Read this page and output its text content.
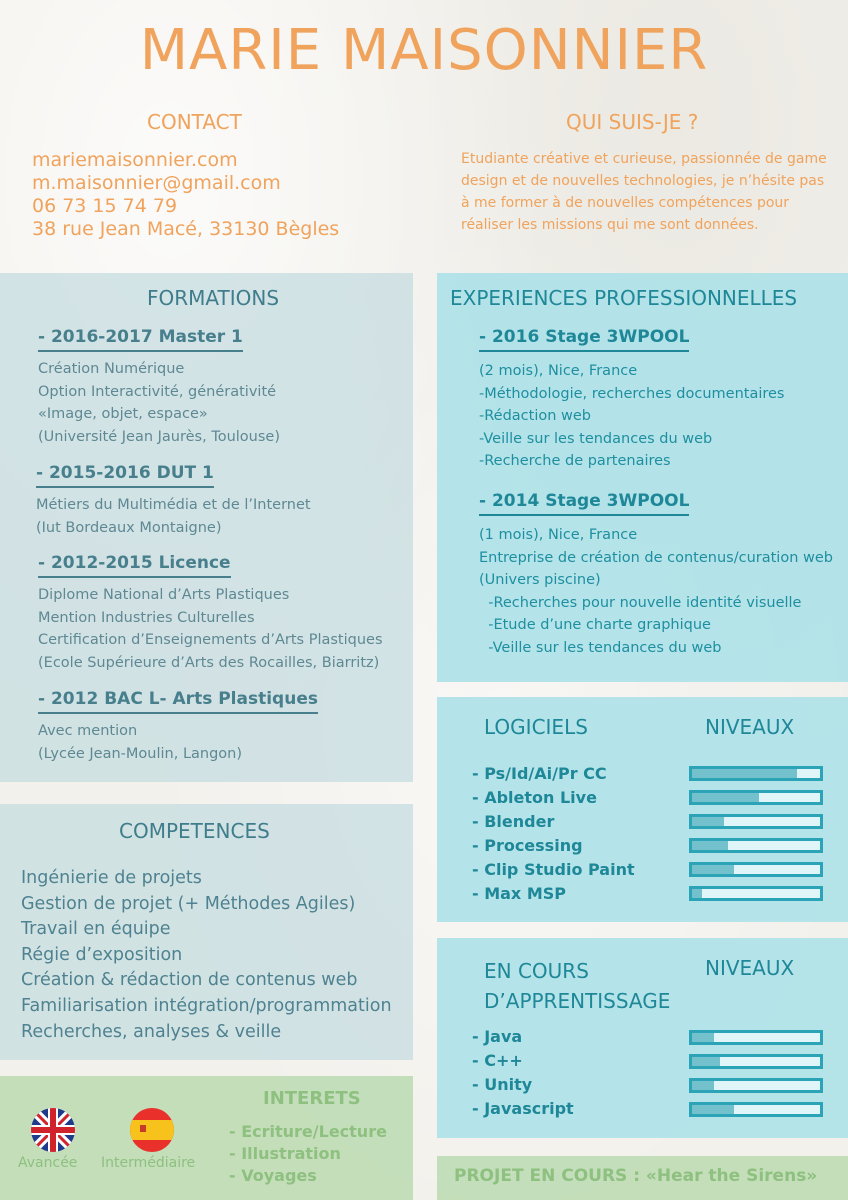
MARIE MAISONNIER
CONTACT
mariemaisonnier.com
m.maisonnier@gmail.com
06 73 15 74 79
38 rue Jean Macé, 33130 Bègles
QUI SUIS-JE ?
Etudiante créative et curieuse, passionnée de game
design et de nouvelles technologies, je n’hésite pas
à me former à de nouvelles compétences pour
réaliser les missions qui me sont données.
FORMATIONS
- 2016-2017 Master 1
Création Numérique
Option Interactivité, générativité
«Image, objet, espace»
(Université Jean Jaurès, Toulouse)
- 2015-2016 DUT 1
Métiers du Multimédia et de l’Internet
(Iut Bordeaux Montaigne)
- 2012-2015 Licence
Diplome National d’Arts Plastiques
Mention Industries Culturelles
Certification d’Enseignements d’Arts Plastiques
(Ecole Supérieure d’Arts des Rocailles, Biarritz)
- 2012 BAC L- Arts Plastiques
Avec mention
(Lycée Jean-Moulin, Langon)
EXPERIENCES PROFESSIONNELLES
- 2016 Stage 3WPOOL
(2 mois), Nice, France
-Méthodologie, recherches documentaires
-Rédaction web
-Veille sur les tendances du web
-Recherche de partenaires
- 2014 Stage 3WPOOL
(1 mois), Nice, France
Entreprise de création de contenus/curation web
(Univers piscine)
-Recherches pour nouvelle identité visuelle
-Etude d’une charte graphique
-Veille sur les tendances du web
COMPETENCES
Ingénierie de projets
Gestion de projet (+ Méthodes Agiles)
Travail en équipe
Régie d’exposition
Création & rédaction de contenus web
Familiarisation intégration/programmation
Recherches, analyses & veille
LOGICIELS	NIVEAUX
- Ps/Id/Ai/Pr CC
- Ableton Live
- Blender
- Processing
- Clip Studio Paint
- Max MSP
EN COURS
D’APPRENTISSAGE
NIVEAUX
- Java
- C++
- Unity
- Javascript
INTERETS
- Ecriture/Lecture
- Illustration
- Voyages
Avancée Intermédiaire
PROJET EN COURS : «Hear the Sirens»
